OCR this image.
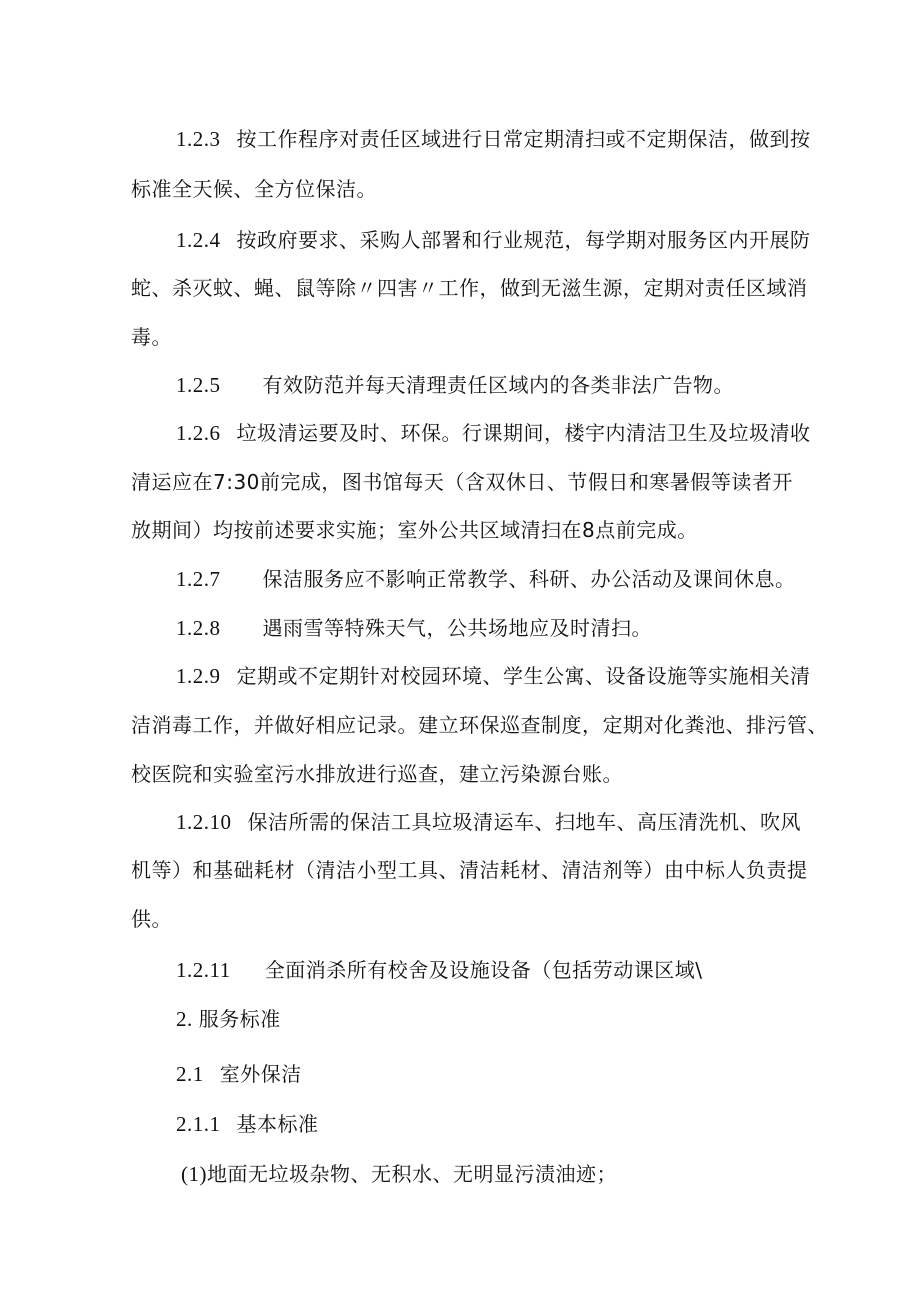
1.2.3 按工作程序对责任区域进行日常定期清扫或不定期保洁，做到按
标准全天候、全方位保洁。
1.2.4 按政府要求、采购人部署和行业规范，每学期对服务区内开展防
蛇、杀灭蚊、蝇、鼠等除〃四害〃工作，做到无滋生源，定期对责任区域消
毒。
1.2.5 有效防范并每天清理责任区域内的各类非法广告物。
1.2.6 垃圾清运要及时、环保。行课期间，楼宇内清洁卫生及垃圾清收
清运应在7:30前完成，图书馆每天（含双休日、节假日和寒暑假等读者开
放期间）均按前述要求实施；室外公共区域清扫在8点前完成。
1.2.7 保洁服务应不影响正常教学、科研、办公活动及课间休息。
1.2.8 遇雨雪等特殊天气，公共场地应及时清扫。
1.2.9 定期或不定期针对校园环境、学生公寓、设备设施等实施相关清
洁消毒工作，并做好相应记录。建立环保巡查制度，定期对化粪池、排污管、
校医院和实验室污水排放进行巡查，建立污染源台账。
1.2.10 保洁所需的保洁工具垃圾清运车、扫地车、高压清洗机、吹风
机等）和基础耗材（清洁小型工具、清洁耗材、清洁剂等）由中标人负责提
供。
1.2.11 全面消杀所有校舍及设施设备（包括劳动课区域\
2. 服务标准
2.1 室外保洁
2.1.1 基本标准
(1)地面无垃圾杂物、无积水、无明显污渍油迹；
